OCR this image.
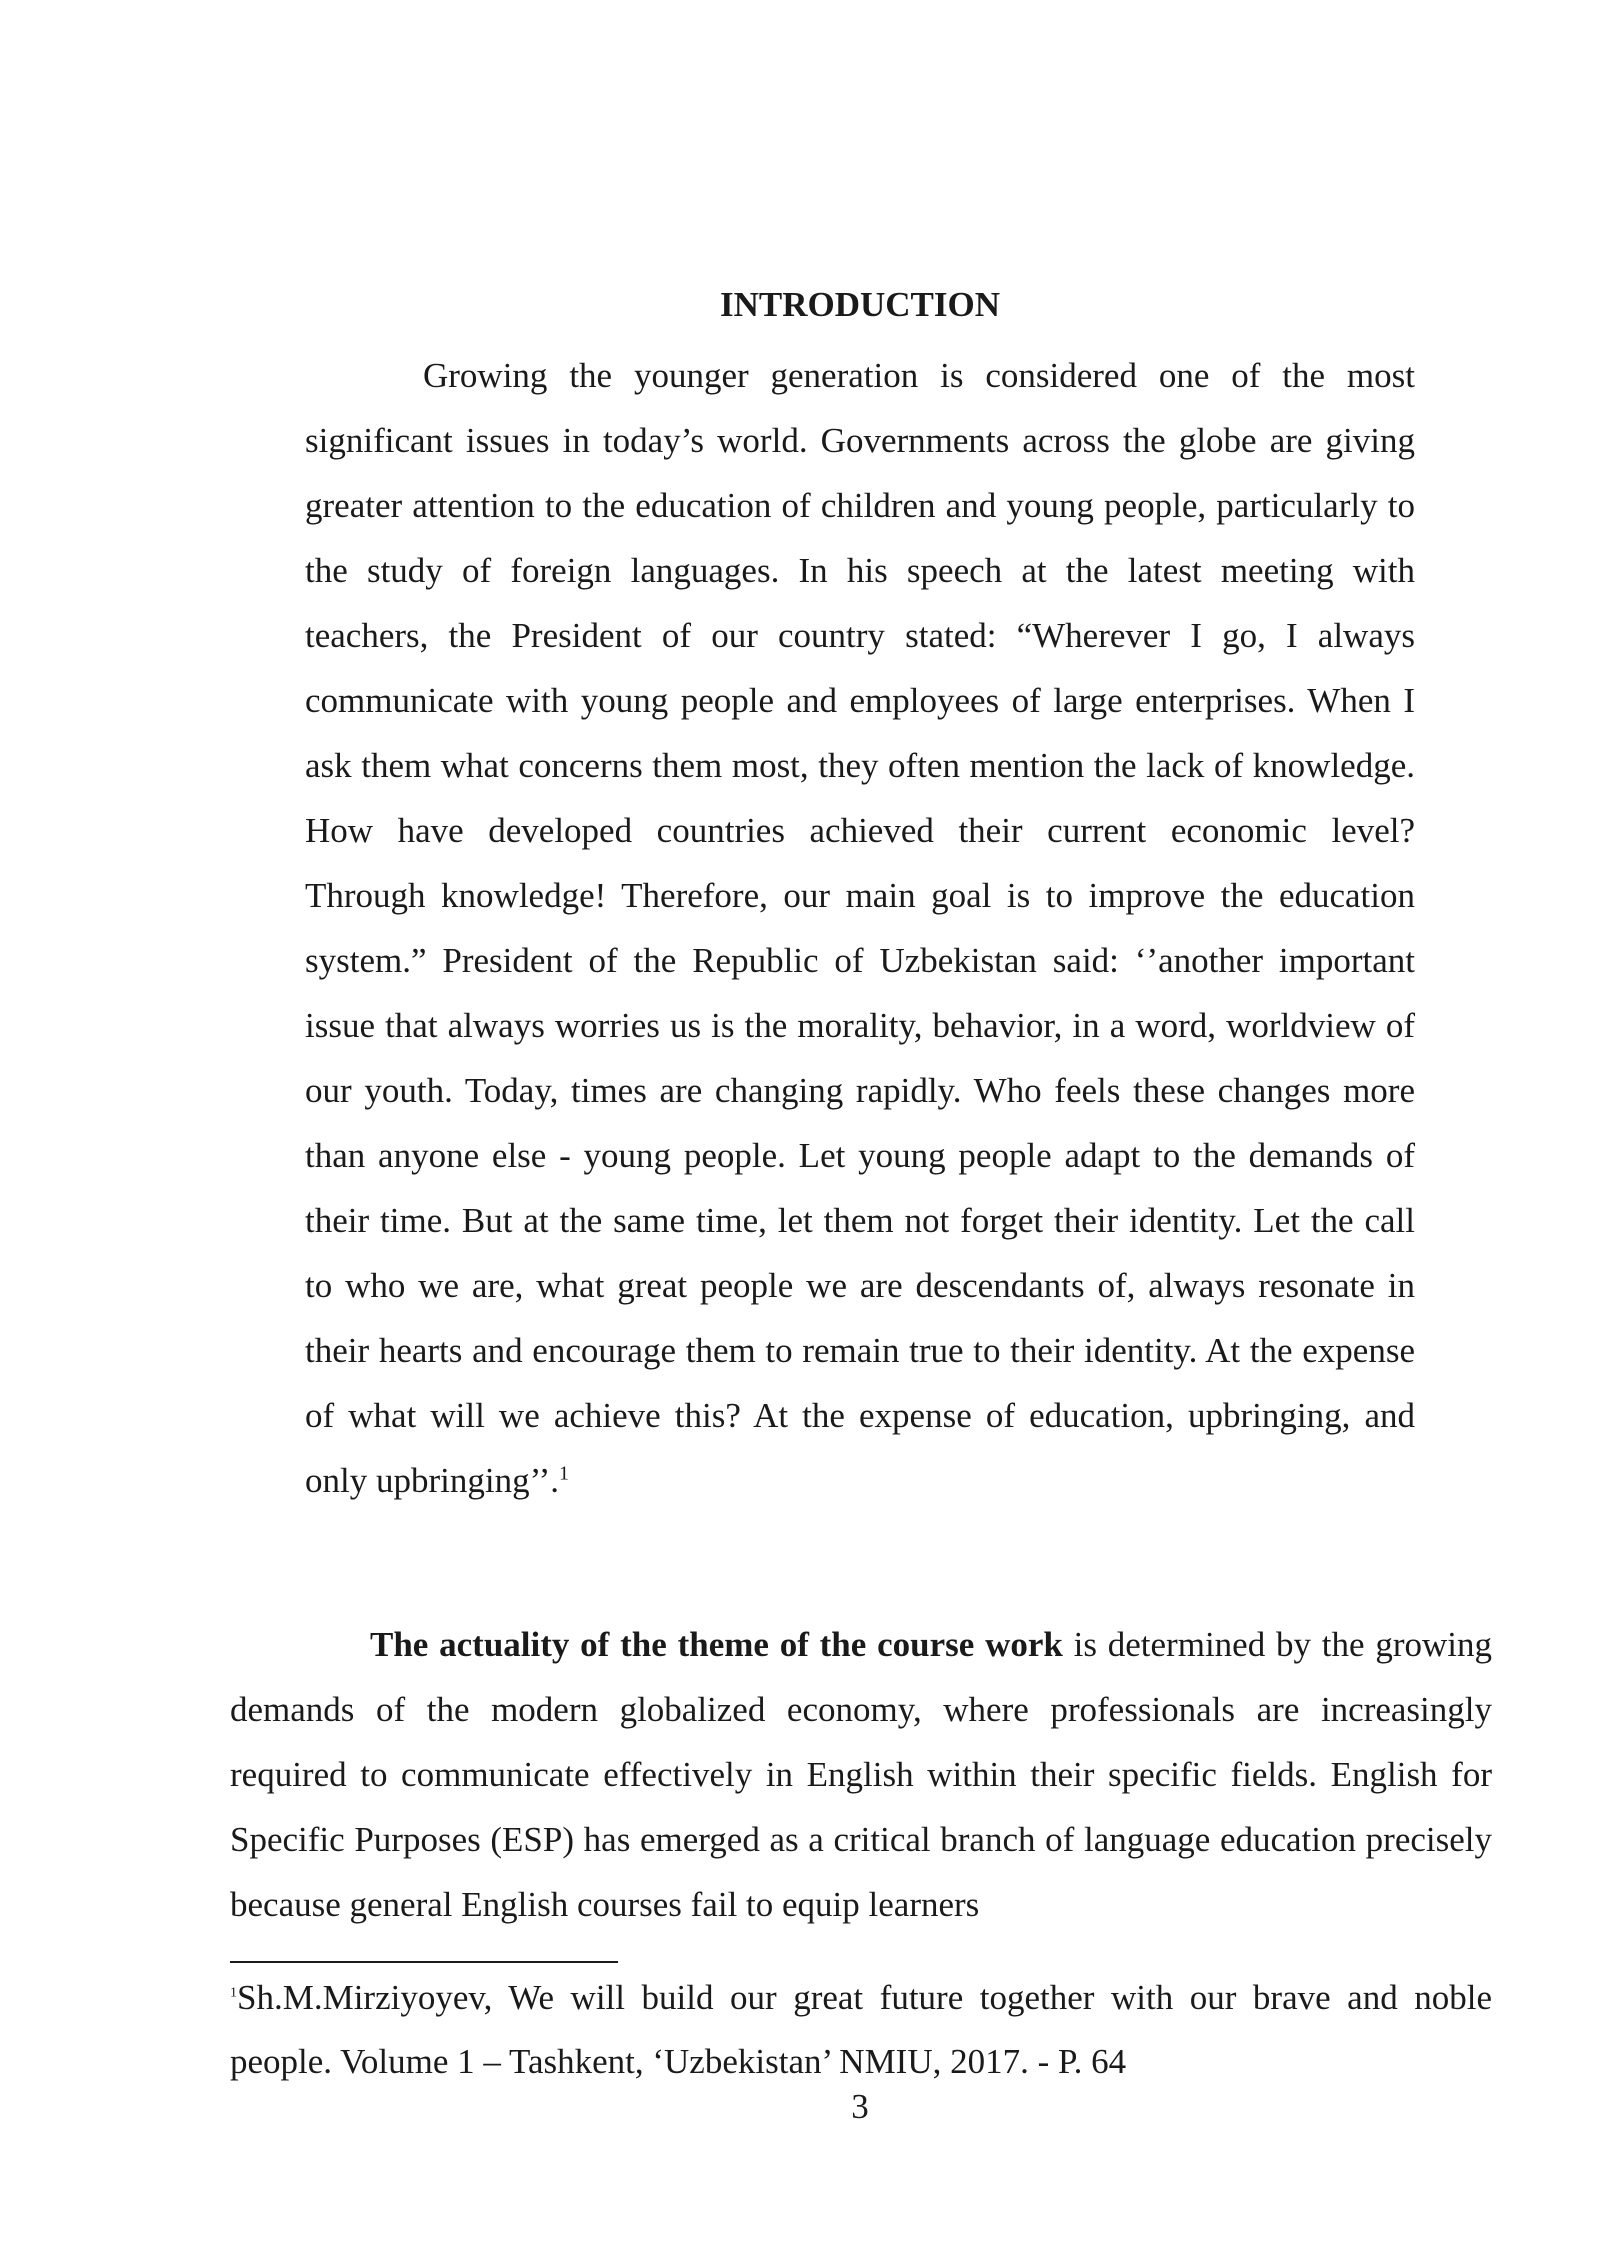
INTRODUCTION

Growing the younger generation is considered one of the most significant issues in today’s world. Governments across the globe are giving greater attention to the education of children and young people, particularly to the study of foreign languages. In his speech at the latest meeting with teachers, the President of our country stated: “Wherever I go, I always communicate with young people and employees of large enterprises. When I ask them what concerns them most, they often mention the lack of knowledge. How have developed countries achieved their current economic level? Through knowledge! Therefore, our main goal is to improve the education system.” President of the Republic of Uzbekistan said: ‘’another important issue that always worries us is the morality, behavior, in a word, worldview of our youth. Today, times are changing rapidly. Who feels these changes more than anyone else - young people. Let young people adapt to the demands of their time. But at the same time, let them not forget their identity. Let the call to who we are, what great people we are descendants of, always resonate in their hearts and encourage them to remain true to their identity. At the expense of what will we achieve this? At the expense of education, upbringing, and only upbringing’’.$^1$

The actuality of the theme of the course work is determined by the growing demands of the modern globalized economy, where professionals are increasingly required to communicate effectively in English within their specific fields. English for Specific Purposes (ESP) has emerged as a critical branch of language education precisely because general English courses fail to equip learners

$^1$Sh.M.Mirziyoyev, We will build our great future together with our brave and noble people. Volume 1 – Tashkent, ‘Uzbekistan’ NMIU, 2017. - P. 64

3
